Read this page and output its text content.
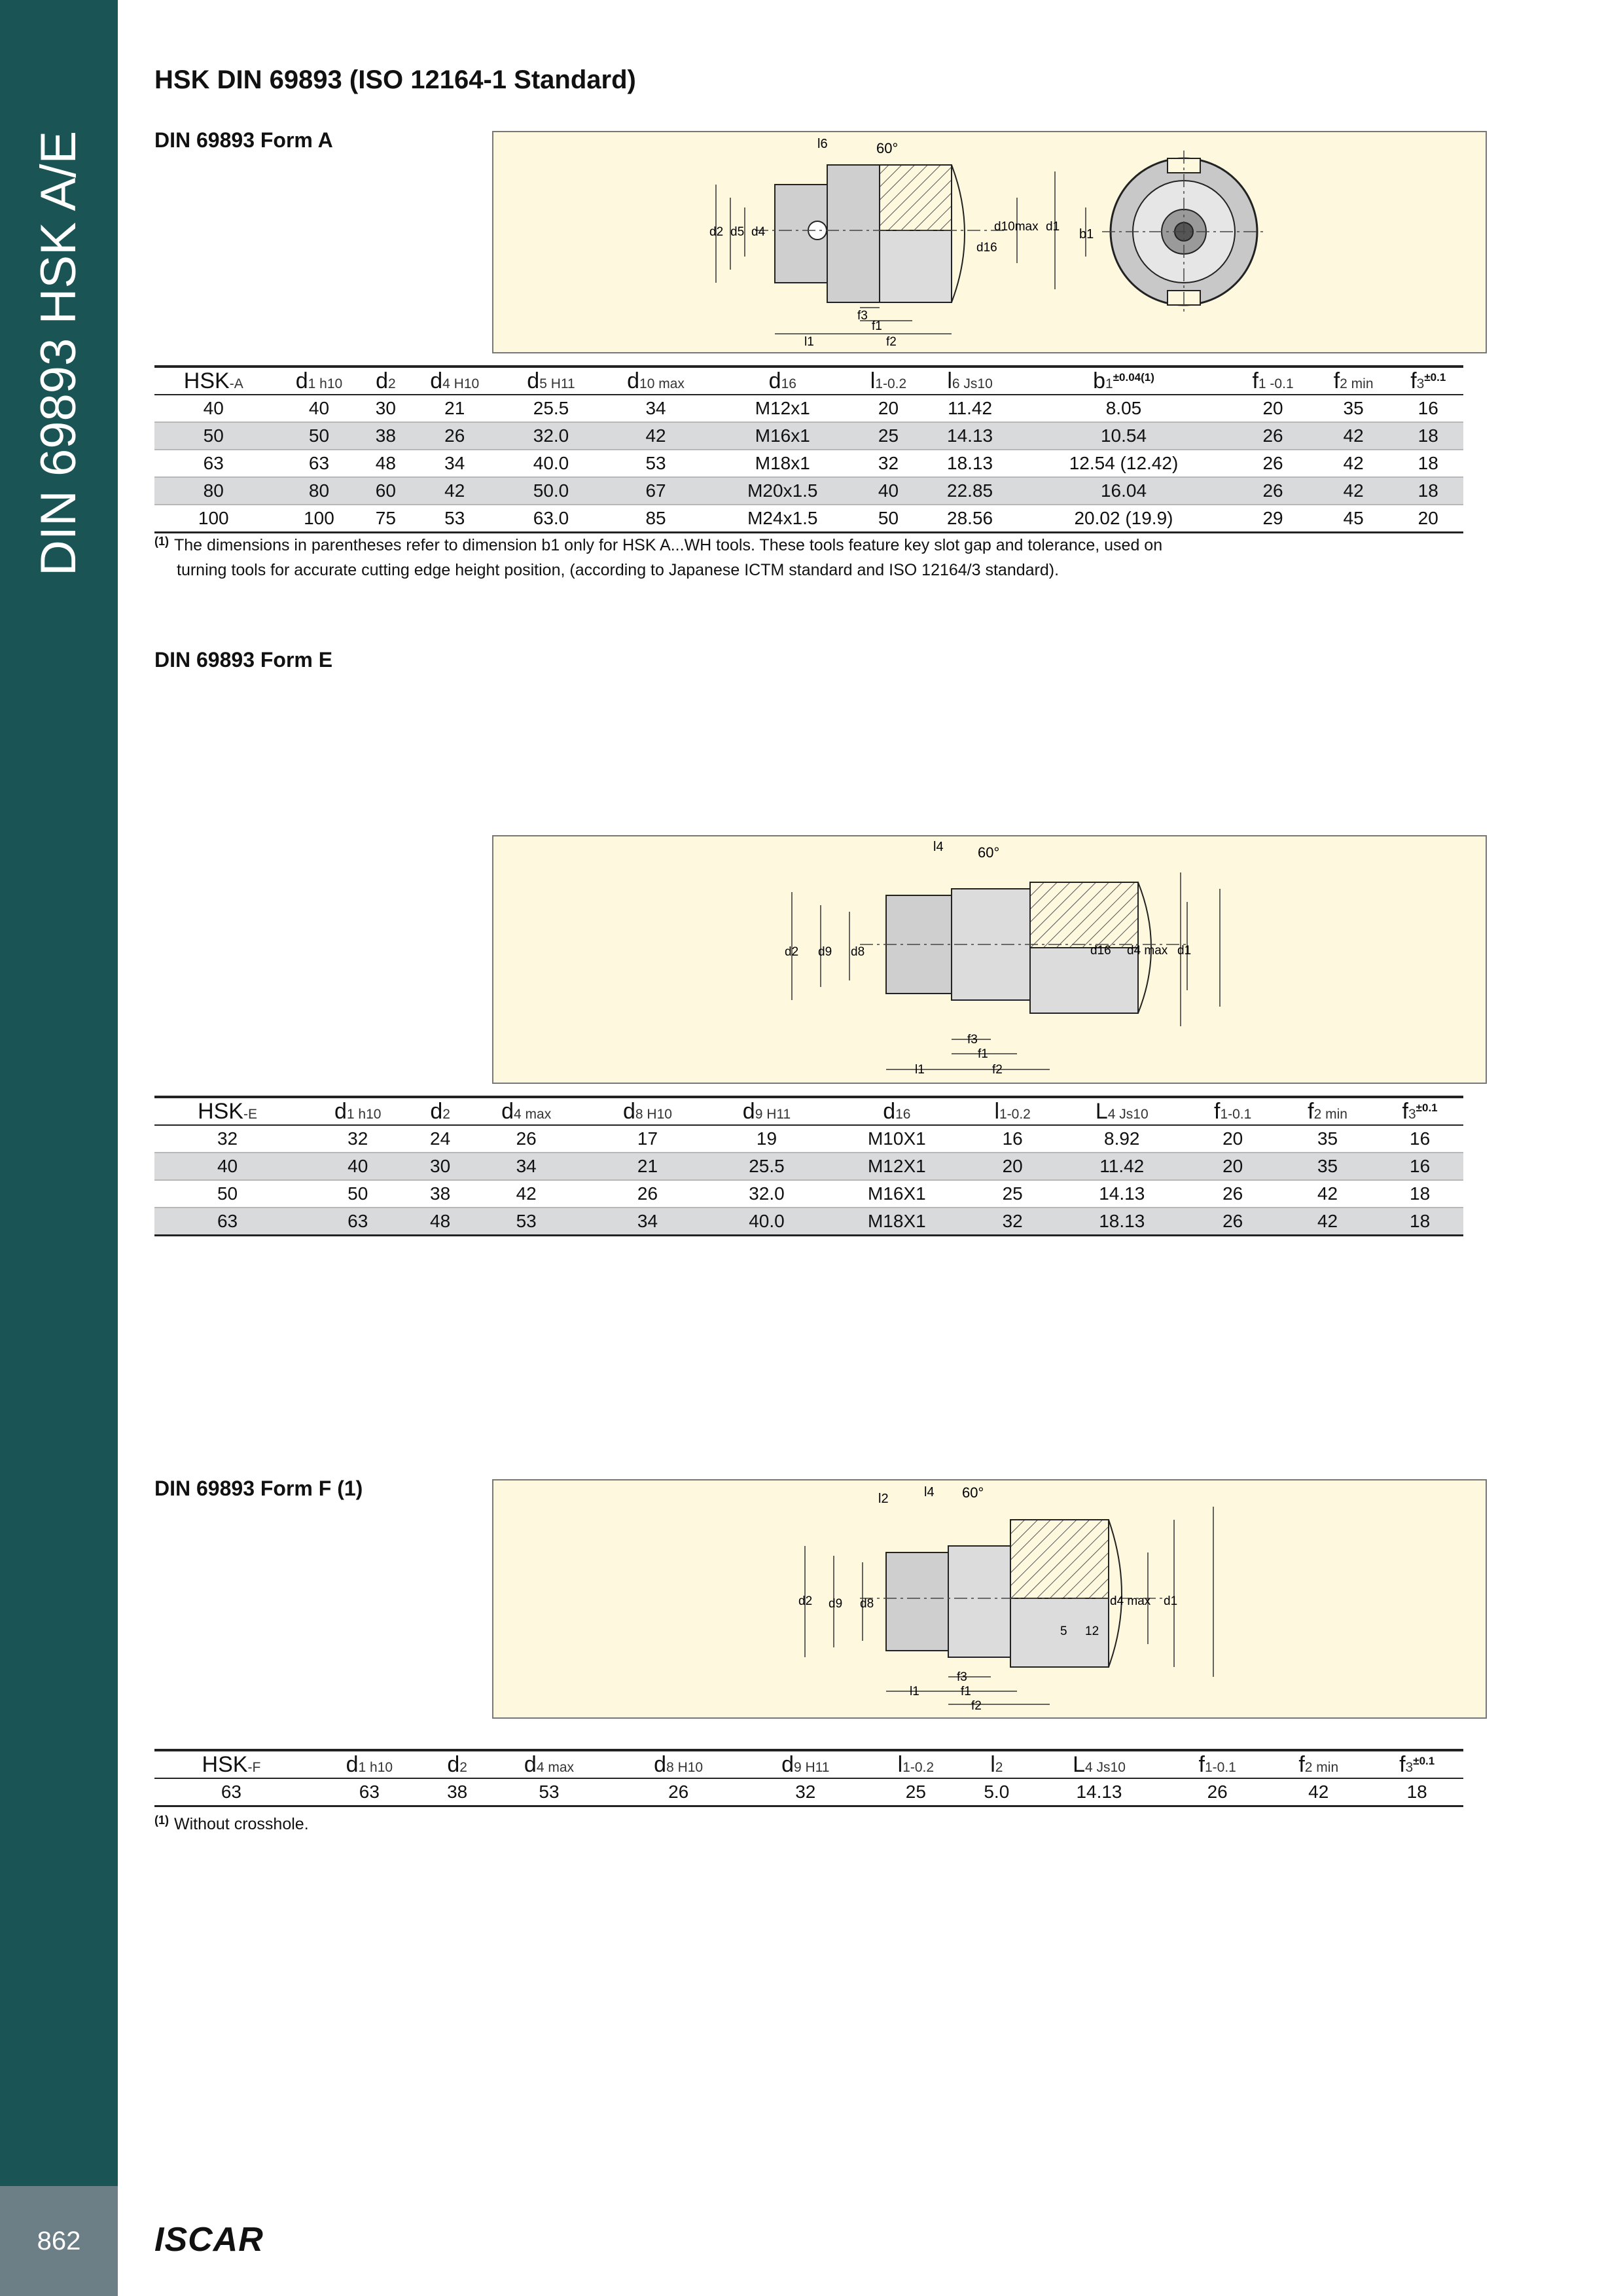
DIN 69893 HSK A/E
862	ISCAR
HSK DIN 69893 (ISO 12164-1 Standard)
DIN 69893 Form A	l6	60°
d2 d5 d4	d10max
d16
d1
f3
f1
l1	f2
b1
HSK-A	d1 h10	d2	d4 H10	d5 H11	d10 max	d16	l1-0.2	l6 Js10	$b1^{\pm 0.04(1)}$	f1 -0.1	f2 min	$f3^{\pm 0.1}$
40	40	30	21	25.5	34	M12x1	20	11.42	8.05	20	35	16
50	50	38	26	32.0	42	M16x1	25	14.13	10.54	26	42	18
63	63	48	34	40.0	53	M18x1	32	18.13	12.54 (12.42)	26	42	18
80	80	60	42	50.0	67	M20x1.5	40	22.85	16.04	26	42	18
100	100	75	53	63.0	85	M24x1.5	50	28.56	20.02 (19.9)	29	45	20
$^{(1)}$ The dimensions in parentheses refer to dimension b1 only for HSK A...WH tools. These tools feature key slot gap and tolerance, used on
turning tools for accurate cutting edge height position, (according to Japanese ICTM standard and ISO 12164/3 standard).
DIN 69893 Form E
l4 60°
d2 d9 d8	d16 d4 max d1
f3
f1
l1	f2
HSK-E	d1 h10	d2	d4 max	d8 H10	d9 H11	d16	l1-0.2	L4 Js10	f1-0.1	f2 min	$f3^{\pm 0.1}$
32	32	24	26	17	19	M10X1	16	8.92	20	35	16
40	40	30	34	21	25.5	M12X1	20	11.42	20	35	16
50	50	38	42	26	32.0	M16X1	25	14.13	26	42	18
63	63	48	53	34	40.0	M18X1	32	18.13	26	42	18
DIN 69893 Form F (1)	l2	l4 60°
d2 d9 d8	d4 max d1
5 12
f3
l1	f1
f2
HSK-F	d1 h10	d2	d4 max	d8 H10	d9 H11	l1-0.2	l2	L4 Js10	f1-0.1	f2 min	$f3^{\pm 0.1}$
63	63	38	53	26	32	25	5.0	14.13	26	42	18
$^{(1)}$ Without crosshole.
